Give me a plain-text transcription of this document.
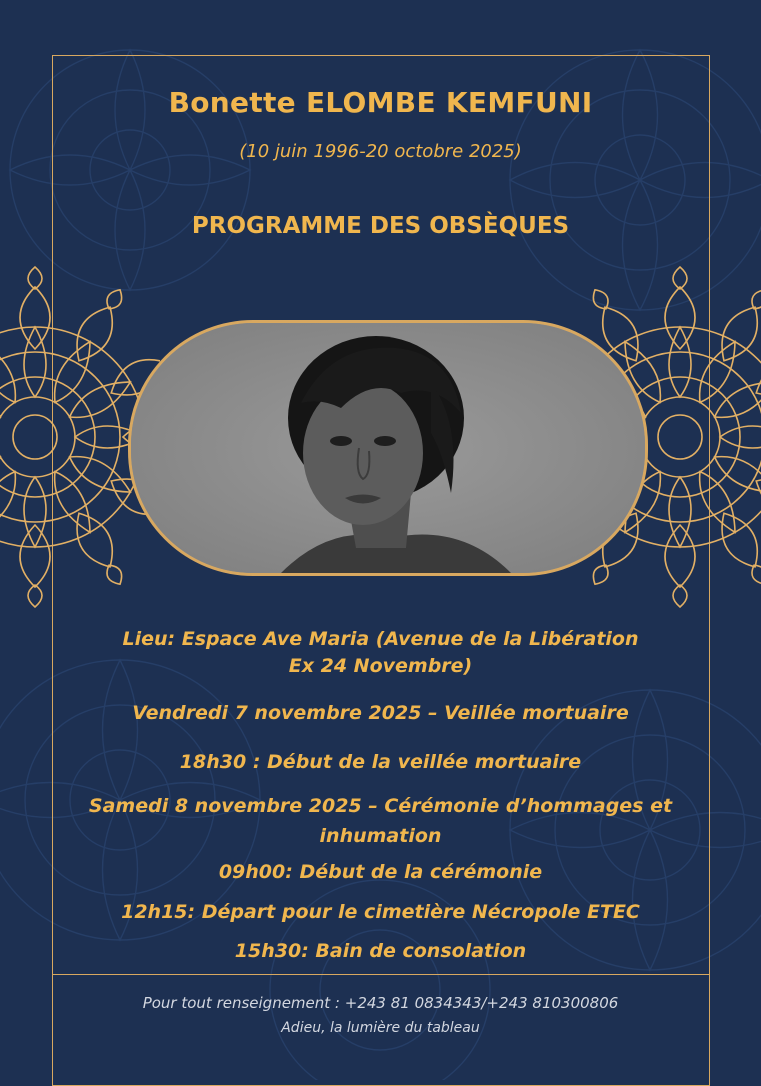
Bonette ELOMBE KEMFUNI
(10 juin 1996-20 octobre 2025)
PROGRAMME DES OBSÈQUES
Lieu: Espace Ave Maria (Avenue de la Libération
Ex 24 Novembre)
Vendredi 7 novembre 2025 – Veillée mortuaire
18h30 : Début de la veillée mortuaire
Samedi 8 novembre 2025 – Cérémonie d’hommages et
inhumation
09h00: Début de la cérémonie
12h15: Départ pour le cimetière Nécropole ETEC
15h30: Bain de consolation
Pour tout renseignement : +243 81 0834343/+243 810300806
Adieu, la lumière du tableau
